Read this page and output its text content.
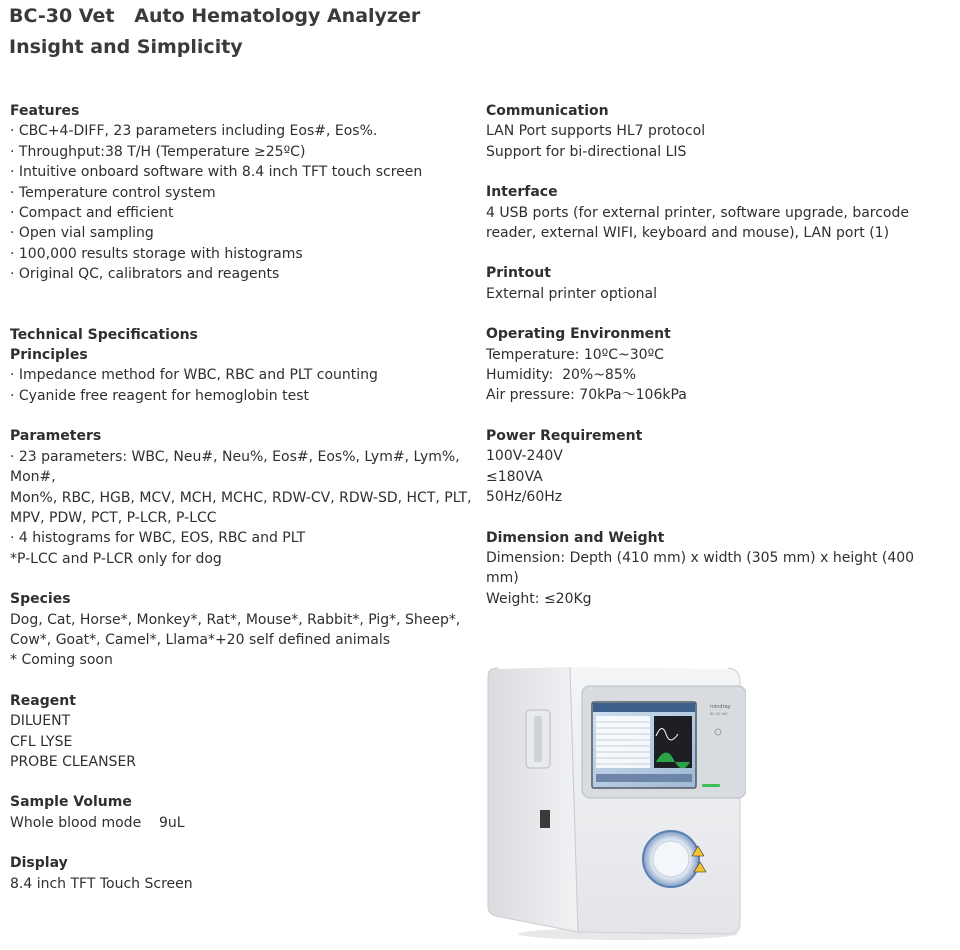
BC-30 Vet   Auto Hematology Analyzer
Insight and Simplicity
Features

· CBC+4-DIFF, 23 parameters including Eos#, Eos%.

· Throughput:38 T/H (Temperature ≥25ºC)

· Intuitive onboard software with 8.4 inch TFT touch screen

· Temperature control system

· Compact and efficient

· Open vial sampling

· 100,000 results storage with histograms

· Original QC, calibrators and reagents

Technical Specifications
Principles

· Impedance method for WBC, RBC and PLT counting

· Cyanide free reagent for hemoglobin test

Parameters

· 23 parameters: WBC, Neu#, Neu%, Eos#, Eos%, Lym#, Lym%, Mon#,

Mon%, RBC, HGB, MCV, MCH, MCHC, RDW-CV, RDW-SD, HCT, PLT,

MPV, PDW, PCT, P-LCR, P-LCC

· 4 histograms for WBC, EOS, RBC and PLT

*P-LCC and P-LCR only for dog

Species

Dog, Cat, Horse*, Monkey*, Rat*, Mouse*, Rabbit*, Pig*, Sheep*,

Cow*, Goat*, Camel*, Llama*+20 self defined animals

* Coming soon

Reagent

DILUENT

CFL LYSE

PROBE CLEANSER

Sample Volume

Whole blood mode    9uL

Display

8.4 inch TFT Touch Screen

Communication

LAN Port supports HL7 protocol

Support for bi-directional LIS

Interface

4 USB ports (for external printer, software upgrade, barcode

reader, external WIFI, keyboard and mouse), LAN port (1)

Printout

External printer optional

Operating Environment

Temperature: 10ºC~30ºC

Humidity:  20%~85%

Air pressure: 70kPa～106kPa

Power Requirement

100V-240V

≤180VA

50Hz/60Hz

Dimension and Weight

Dimension: Depth (410 mm) x width (305 mm) x height (400 mm)

Weight: ≤20Kg

mindray
BC-30 Vet
